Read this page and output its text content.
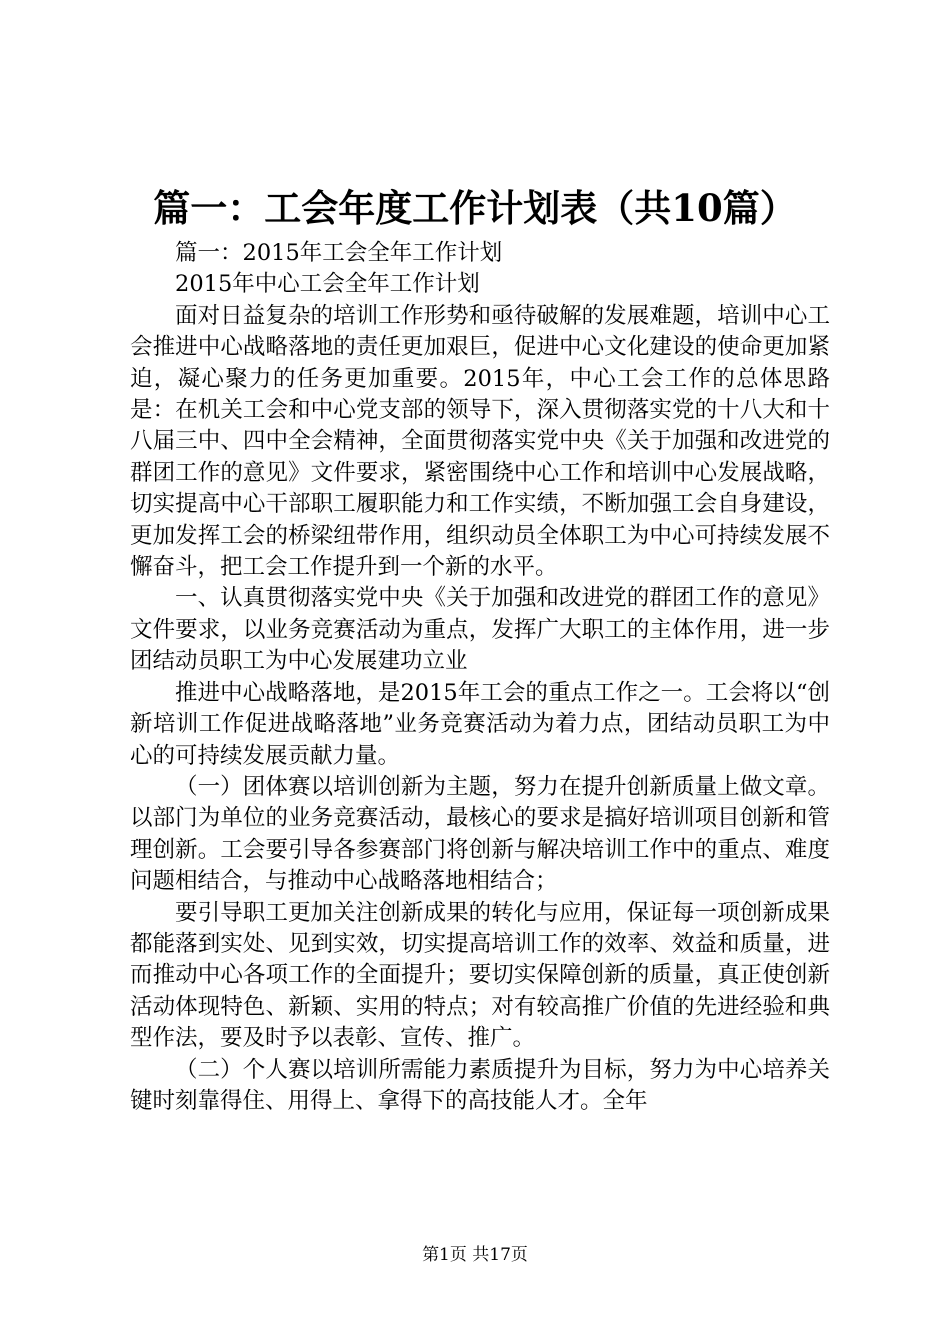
篇一：工会年度工作计划表（共10篇）

篇一：2015年工会全年工作计划

2015年中心工会全年工作计划

面对日益复杂的培训工作形势和亟待破解的发展难题，培训中心工会推进中心战略落地的责任更加艰巨，促进中心文化建设的使命更加紧迫，凝心聚力的任务更加重要。2015年，中心工会工作的总体思路是：在机关工会和中心党支部的领导下，深入贯彻落实党的十八大和十八届三中、四中全会精神，全面贯彻落实党中央《关于加强和改进党的群团工作的意见》文件要求，紧密围绕中心工作和培训中心发展战略，切实提高中心干部职工履职能力和工作实绩，不断加强工会自身建设，更加发挥工会的桥梁纽带作用，组织动员全体职工为中心可持续发展不懈奋斗，把工会工作提升到一个新的水平。

一、认真贯彻落实党中央《关于加强和改进党的群团工作的意见》文件要求，以业务竞赛活动为重点，发挥广大职工的主体作用，进一步团结动员职工为中心发展建功立业

推进中心战略落地，是2015年工会的重点工作之一。工会将以“创新培训工作促进战略落地”业务竞赛活动为着力点，团结动员职工为中心的可持续发展贡献力量。

（一）团体赛以培训创新为主题，努力在提升创新质量上做文章。以部门为单位的业务竞赛活动，最核心的要求是搞好培训项目创新和管理创新。工会要引导各参赛部门将创新与解决培训工作中的重点、难度问题相结合，与推动中心战略落地相结合；

要引导职工更加关注创新成果的转化与应用，保证每一项创新成果都能落到实处、见到实效，切实提高培训工作的效率、效益和质量，进而推动中心各项工作的全面提升；要切实保障创新的质量，真正使创新活动体现特色、新颖、实用的特点；对有较高推广价值的先进经验和典型作法，要及时予以表彰、宣传、推广。

（二）个人赛以培训所需能力素质提升为目标，努力为中心培养关键时刻靠得住、用得上、拿得下的高技能人才。全年

第1页 共17页
